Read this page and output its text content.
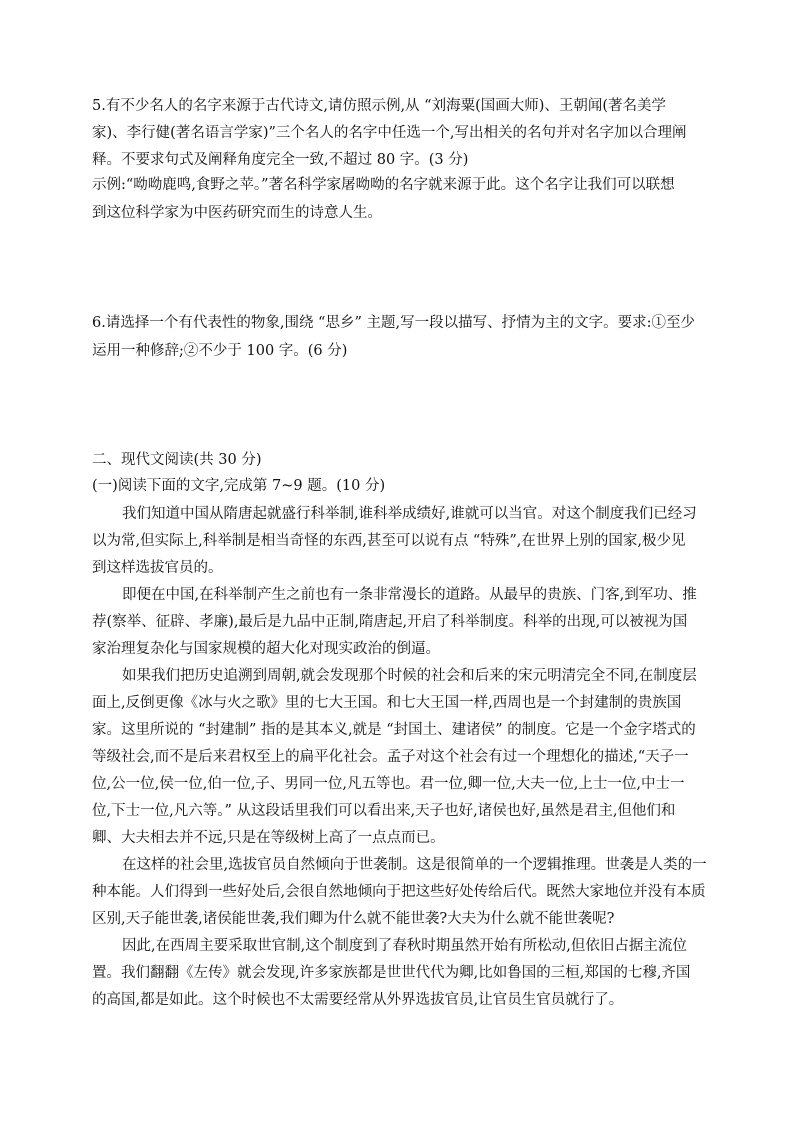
5.有不少名人的名字来源于古代诗文,请仿照示例,从 “刘海粟(国画大师)、王朝闻(著名美学
家)、李行健(著名语言学家)”三个名人的名字中任选一个,写出相关的名句并对名字加以合理阐
释。不要求句式及阐释角度完全一致,不超过 80 字。(3 分)
示例:“呦呦鹿鸣,食野之苹。”著名科学家屠呦呦的名字就来源于此。这个名字让我们可以联想
到这位科学家为中医药研究而生的诗意人生。
6.请选择一个有代表性的物象,围绕 “思乡” 主题,写一段以描写、抒情为主的文字。要求:①至少
运用一种修辞;②不少于 100 字。(6 分)
二、现代文阅读(共 30 分)
(一)阅读下面的文字,完成第 7~9 题。(10 分)
我们知道中国从隋唐起就盛行科举制,谁科举成绩好,谁就可以当官。对这个制度我们已经习
以为常,但实际上,科举制是相当奇怪的东西,甚至可以说有点 “特殊”,在世界上别的国家,极少见
到这样选拔官员的。
即便在中国,在科举制产生之前也有一条非常漫长的道路。从最早的贵族、门客,到军功、推
荐(察举、征辟、孝廉),最后是九品中正制,隋唐起,开启了科举制度。科举的出现,可以被视为国
家治理复杂化与国家规模的超大化对现实政治的倒逼。
如果我们把历史追溯到周朝,就会发现那个时候的社会和后来的宋元明清完全不同,在制度层
面上,反倒更像《冰与火之歌》里的七大王国。和七大王国一样,西周也是一个封建制的贵族国
家。这里所说的 “封建制” 指的是其本义,就是 “封国土、建诸侯” 的制度。它是一个金字塔式的
等级社会,而不是后来君权至上的扁平化社会。孟子对这个社会有过一个理想化的描述,“天子一
位,公一位,侯一位,伯一位,子、男同一位,凡五等也。君一位,卿一位,大夫一位,上士一位,中士一
位,下士一位,凡六等。” 从这段话里我们可以看出来,天子也好,诸侯也好,虽然是君主,但他们和
卿、大夫相去并不远,只是在等级树上高了一点点而已。
在这样的社会里,选拔官员自然倾向于世袭制。这是很简单的一个逻辑推理。世袭是人类的一
种本能。人们得到一些好处后,会很自然地倾向于把这些好处传给后代。既然大家地位并没有本质
区别,天子能世袭,诸侯能世袭,我们卿为什么就不能世袭?大夫为什么就不能世袭呢?
因此,在西周主要采取世官制,这个制度到了春秋时期虽然开始有所松动,但依旧占据主流位
置。我们翻翻《左传》就会发现,许多家族都是世世代代为卿,比如鲁国的三桓,郑国的七穆,齐国
的高国,都是如此。这个时候也不太需要经常从外界选拔官员,让官员生官员就行了。
